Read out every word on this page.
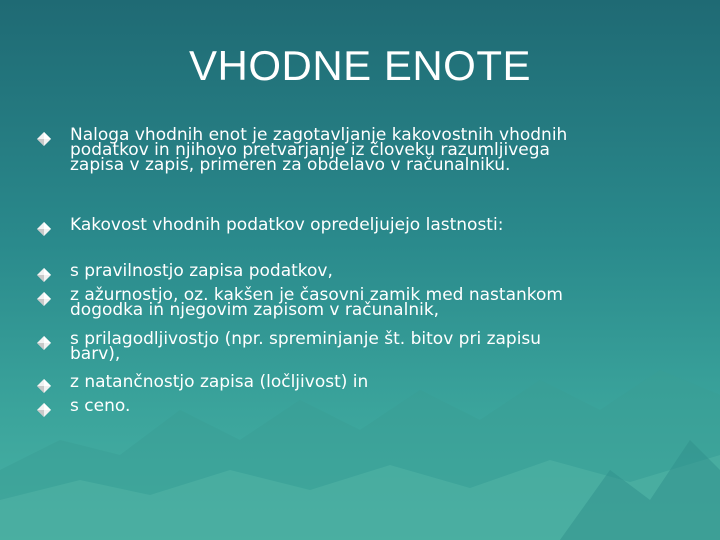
VHODNE ENOTE
Naloga vhodnih enot je zagotavljanje kakovostnih vhodnih
podatkov in njihovo pretvarjanje iz človeku razumljivega
zapisa v zapis, primeren za obdelavo v računalniku.
Kakovost vhodnih podatkov opredeljujejo lastnosti:
s pravilnostjo zapisa podatkov,
z ažurnostjo, oz. kakšen je časovni zamik med nastankom
dogodka in njegovim zapisom v računalnik,
s prilagodljivostjo (npr. spreminjanje št. bitov pri zapisu
barv),
z natančnostjo zapisa (ločljivost) in
s ceno.
